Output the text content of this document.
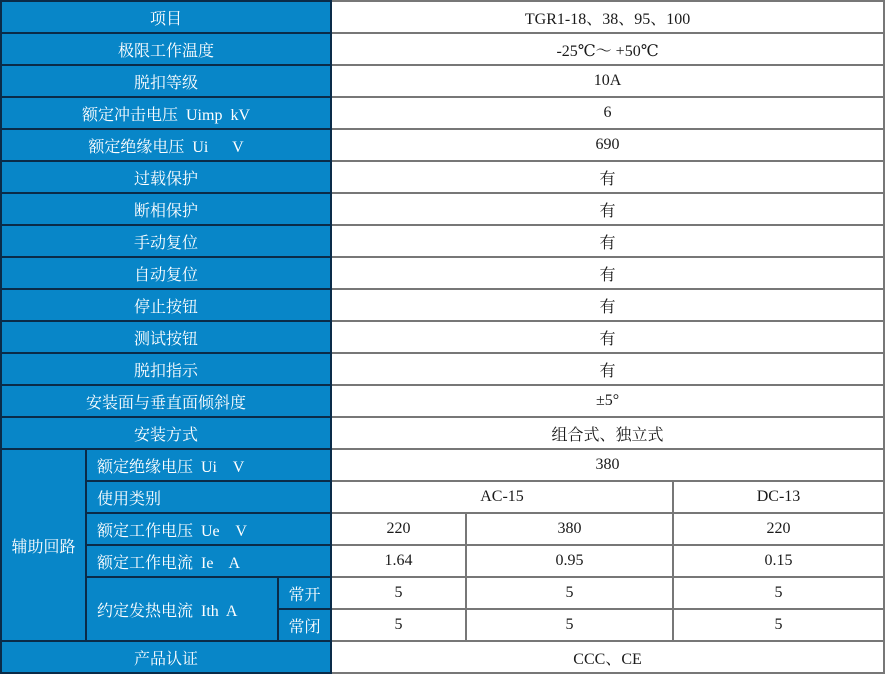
项目			TGR1-18、38、95、100		
极限工作温度			-25℃～ +50℃		
脱扣等级			10A		
额定冲击电压  Uimp  kV			6		
额定绝缘电压  Ui      V			690		
过载保护			有		
断相保护			有		
手动复位			有		
自动复位			有		
停止按钮			有		
测试按钮			有		
脱扣指示			有		
安装面与垂直面倾斜度			±5°		
安装方式			组合式、独立式		
辅助回路	额定绝缘电压  Ui    V		380		
	使用类别		AC-15		DC-13
	额定工作电压  Ue    V		220	380	220
	额定工作电流  Ie    A		1.64	0.95	0.15
	约定发热电流  Ith  A	常开	5	5	5
		常闭	5	5	5
产品认证			CCC、CE		
